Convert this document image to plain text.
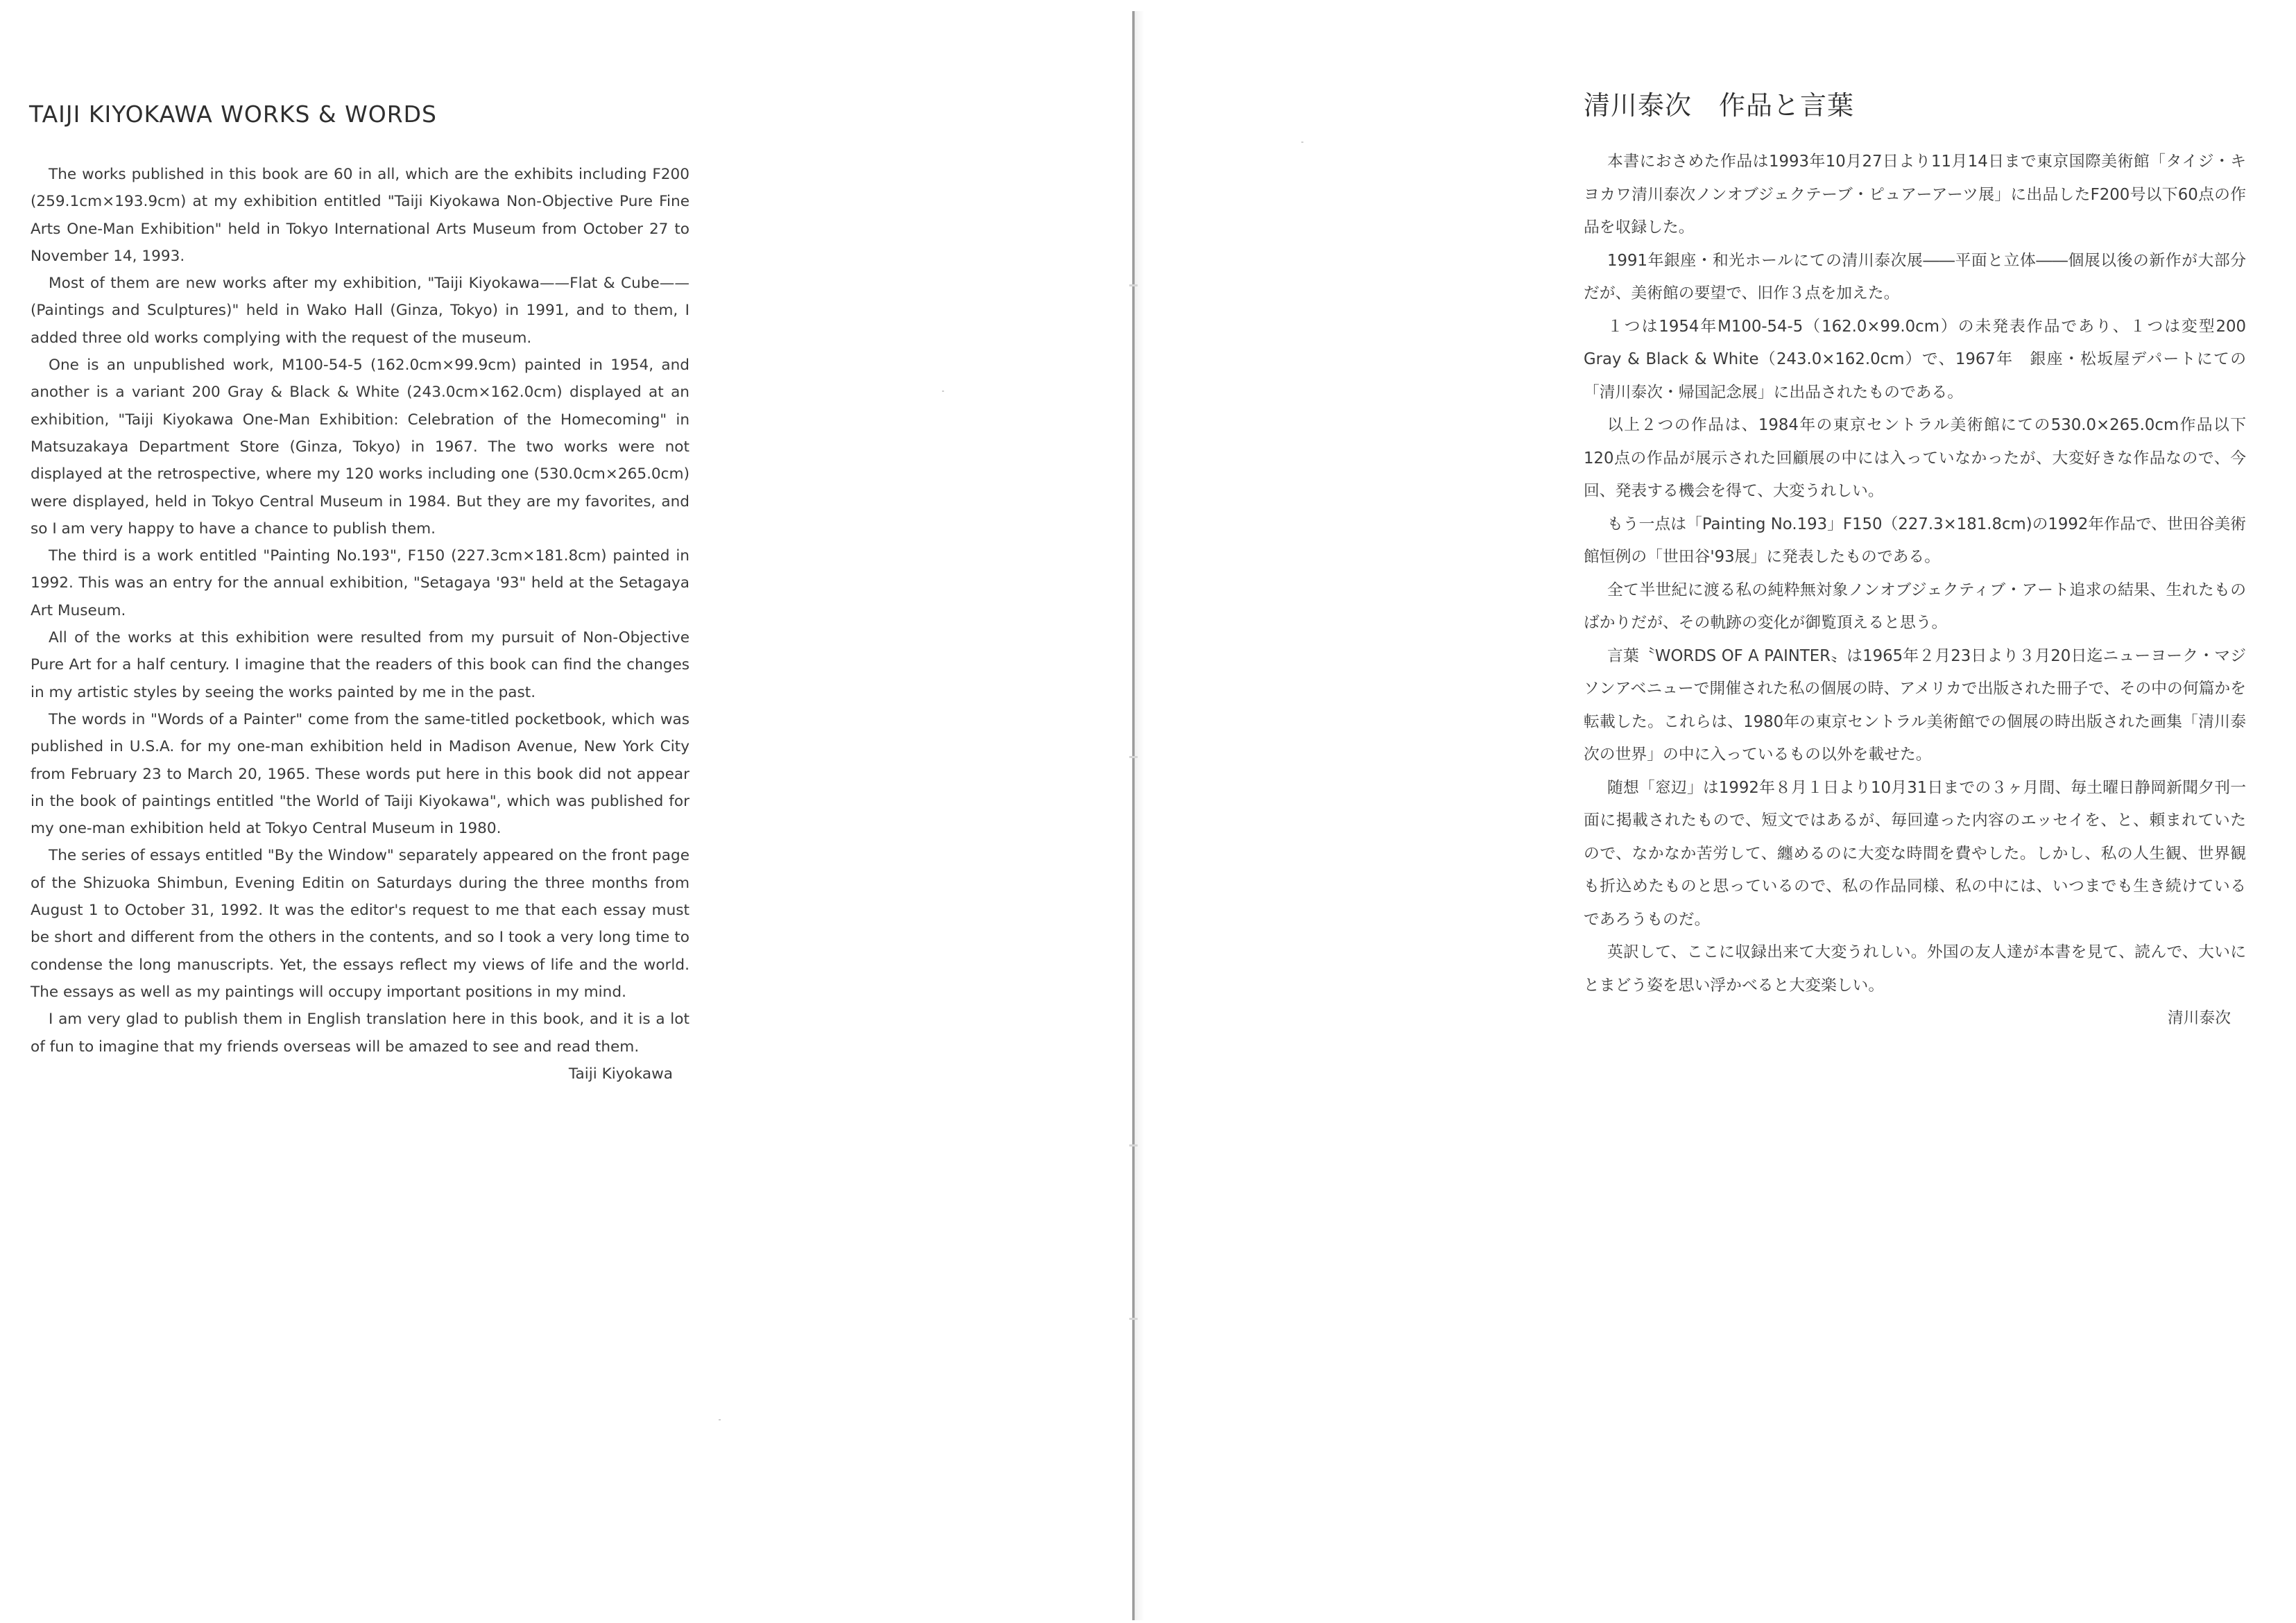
TAIJI KIYOKAWA WORKS & WORDS

The works published in this book are 60 in all, which are the exhibits including F200 (259.1cm×193.9cm) at my exhibition entitled "Taiji Kiyokawa Non-Objective Pure Fine Arts One-Man Exhibition" held in Tokyo International Arts Museum from October 27 to November 14, 1993.

Most of them are new works after my exhibition, "Taiji Kiyokawa——Flat & Cube——(Paintings and Sculptures)" held in Wako Hall (Ginza, Tokyo) in 1991, and to them, I added three old works complying with the request of the museum.

One is an unpublished work, M100-54-5 (162.0cm×99.9cm) painted in 1954, and another is a variant 200 Gray & Black & White (243.0cm×162.0cm) displayed at an exhibition, "Taiji Kiyokawa One-Man Exhibition: Celebration of the Homecoming" in Matsuzakaya Department Store (Ginza, Tokyo) in 1967. The two works were not displayed at the retrospective, where my 120 works including one (530.0cm×265.0cm) were displayed, held in Tokyo Central Museum in 1984. But they are my favorites, and so I am very happy to have a chance to publish them.

The third is a work entitled "Painting No.193", F150 (227.3cm×181.8cm) painted in 1992. This was an entry for the annual exhibition, "Setagaya '93" held at the Setagaya Art Museum.

All of the works at this exhibition were resulted from my pursuit of Non-Objective Pure Art for a half century. I imagine that the readers of this book can find the changes in my artistic styles by seeing the works painted by me in the past.

The words in "Words of a Painter" come from the same-titled pocketbook, which was published in U.S.A. for my one-man exhibition held in Madison Avenue, New York City from February 23 to March 20, 1965. These words put here in this book did not appear in the book of paintings entitled "the World of Taiji Kiyokawa", which was published for my one-man exhibition held at Tokyo Central Museum in 1980.

The series of essays entitled "By the Window" separately appeared on the front page of the Shizuoka Shimbun, Evening Editin on Saturdays during the three months from August 1 to October 31, 1992. It was the editor's request to me that each essay must be short and different from the others in the contents, and so I took a very long time to condense the long manuscripts. Yet, the essays reflect my views of life and the world. The essays as well as my paintings will occupy important positions in my mind.

I am very glad to publish them in English translation here in this book, and it is a lot of fun to imagine that my friends overseas will be amazed to see and read them.

Taiji Kiyokawa

清川泰次　作品と言葉

本書におさめた作品は1993年10月27日より11月14日まで東京国際美術館「タイジ・キヨカワ清川泰次ノンオブジェクテーブ・ピュアーアーツ展」に出品したF200号以下60点の作品を収録した。

1991年銀座・和光ホールにての清川泰次展――平面と立体――個展以後の新作が大部分だが、美術館の要望で、旧作３点を加えた。

１つは1954年M100-54-5（162.0×99.0cm）の未発表作品であり、１つは変型200 Gray & Black & White（243.0×162.0cm）で、1967年　銀座・松坂屋デパートにての「清川泰次・帰国記念展」に出品されたものである。

以上２つの作品は、1984年の東京セントラル美術館にての530.0×265.0cm作品以下120点の作品が展示された回顧展の中には入っていなかったが、大変好きな作品なので、今回、発表する機会を得て、大変うれしい。

もう一点は「Painting No.193」F150（227.3×181.8cm)の1992年作品で、世田谷美術館恒例の「世田谷'93展」に発表したものである。

全て半世紀に渡る私の純粋無対象ノンオブジェクティブ・アート追求の結果、生れたものばかりだが、その軌跡の変化が御覧頂えると思う。

言葉〝WORDS OF A PAINTER〟は1965年２月23日より３月20日迄ニューヨーク・マジソンアベニューで開催された私の個展の時、アメリカで出版された冊子で、その中の何篇かを転載した。これらは、1980年の東京セントラル美術館での個展の時出版された画集「清川泰次の世界」の中に入っているもの以外を載せた。

随想「窓辺」は1992年８月１日より10月31日までの３ヶ月間、毎土曜日静岡新聞夕刊一面に掲載されたもので、短文ではあるが、毎回違った内容のエッセイを、と、頼まれていたので、なかなか苦労して、纏めるのに大変な時間を費やした。しかし、私の人生観、世界観も折込めたものと思っているので、私の作品同様、私の中には、いつまでも生き続けているであろうものだ。

英訳して、ここに収録出来て大変うれしい。外国の友人達が本書を見て、読んで、大いにとまどう姿を思い浮かべると大変楽しい。

清川泰次
